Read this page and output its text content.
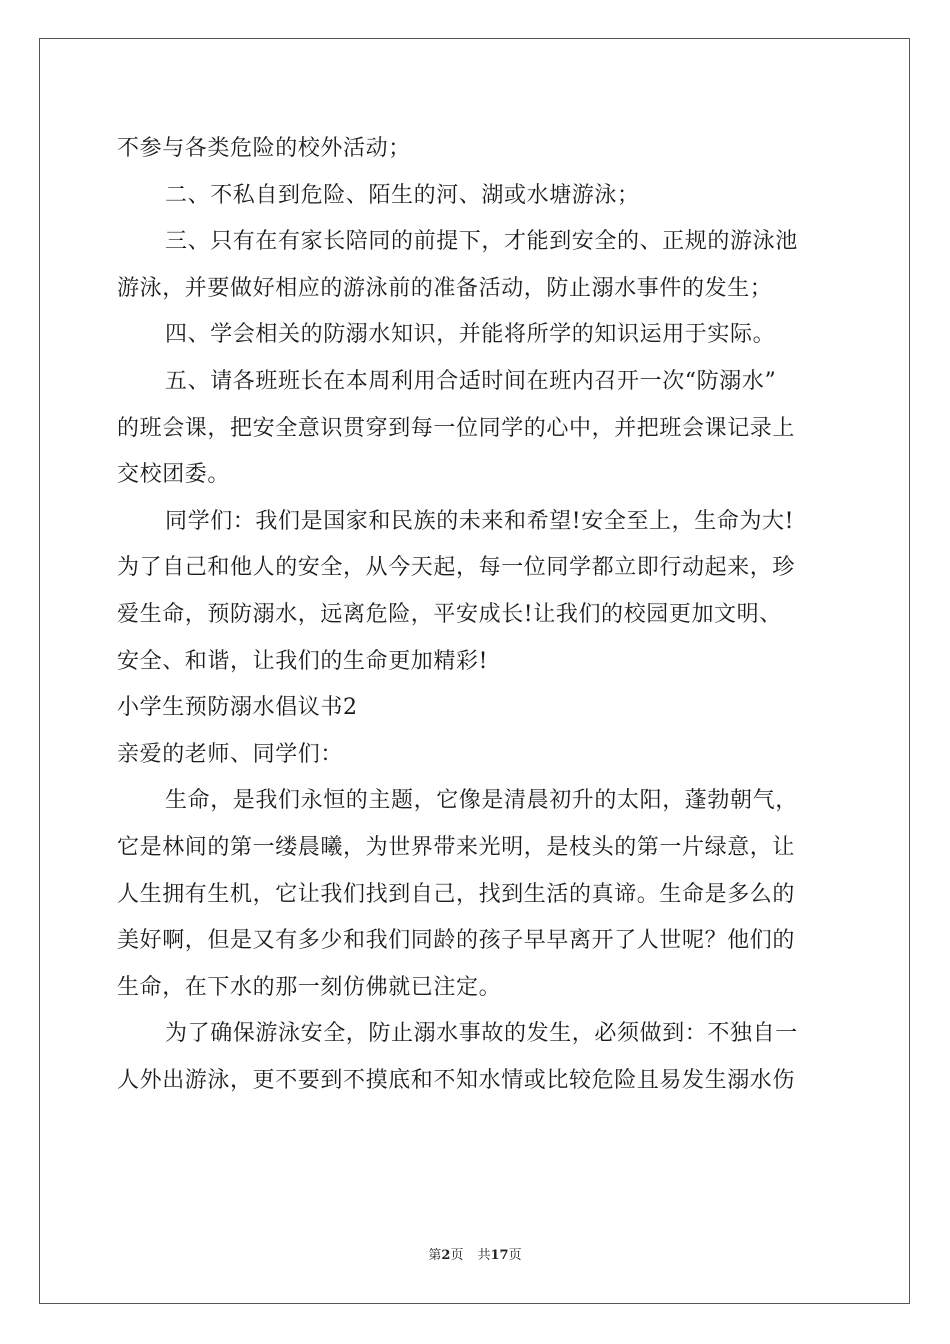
不参与各类危险的校外活动；
二、不私自到危险、陌生的河、湖或水塘游泳；
三、只有在有家长陪同的前提下，才能到安全的、正规的游泳池
游泳，并要做好相应的游泳前的准备活动，防止溺水事件的发生；
四、学会相关的防溺水知识，并能将所学的知识运用于实际。
五、请各班班长在本周利用合适时间在班内召开一次“防溺水”
的班会课，把安全意识贯穿到每一位同学的心中，并把班会课记录上
交校团委。
同学们：我们是国家和民族的未来和希望!安全至上，生命为大!
为了自己和他人的安全，从今天起，每一位同学都立即行动起来，珍
爱生命，预防溺水，远离危险，平安成长!让我们的校园更加文明、
安全、和谐，让我们的生命更加精彩!
小学生预防溺水倡议书2
亲爱的老师、同学们：
生命，是我们永恒的主题，它像是清晨初升的太阳，蓬勃朝气，
它是林间的第一缕晨曦，为世界带来光明，是枝头的第一片绿意，让
人生拥有生机，它让我们找到自己，找到生活的真谛。生命是多么的
美好啊，但是又有多少和我们同龄的孩子早早离开了人世呢？他们的
生命，在下水的那一刻仿佛就已注定。
为了确保游泳安全，防止溺水事故的发生，必须做到：不独自一
人外出游泳，更不要到不摸底和不知水情或比较危险且易发生溺水伤
第2页 共17页
